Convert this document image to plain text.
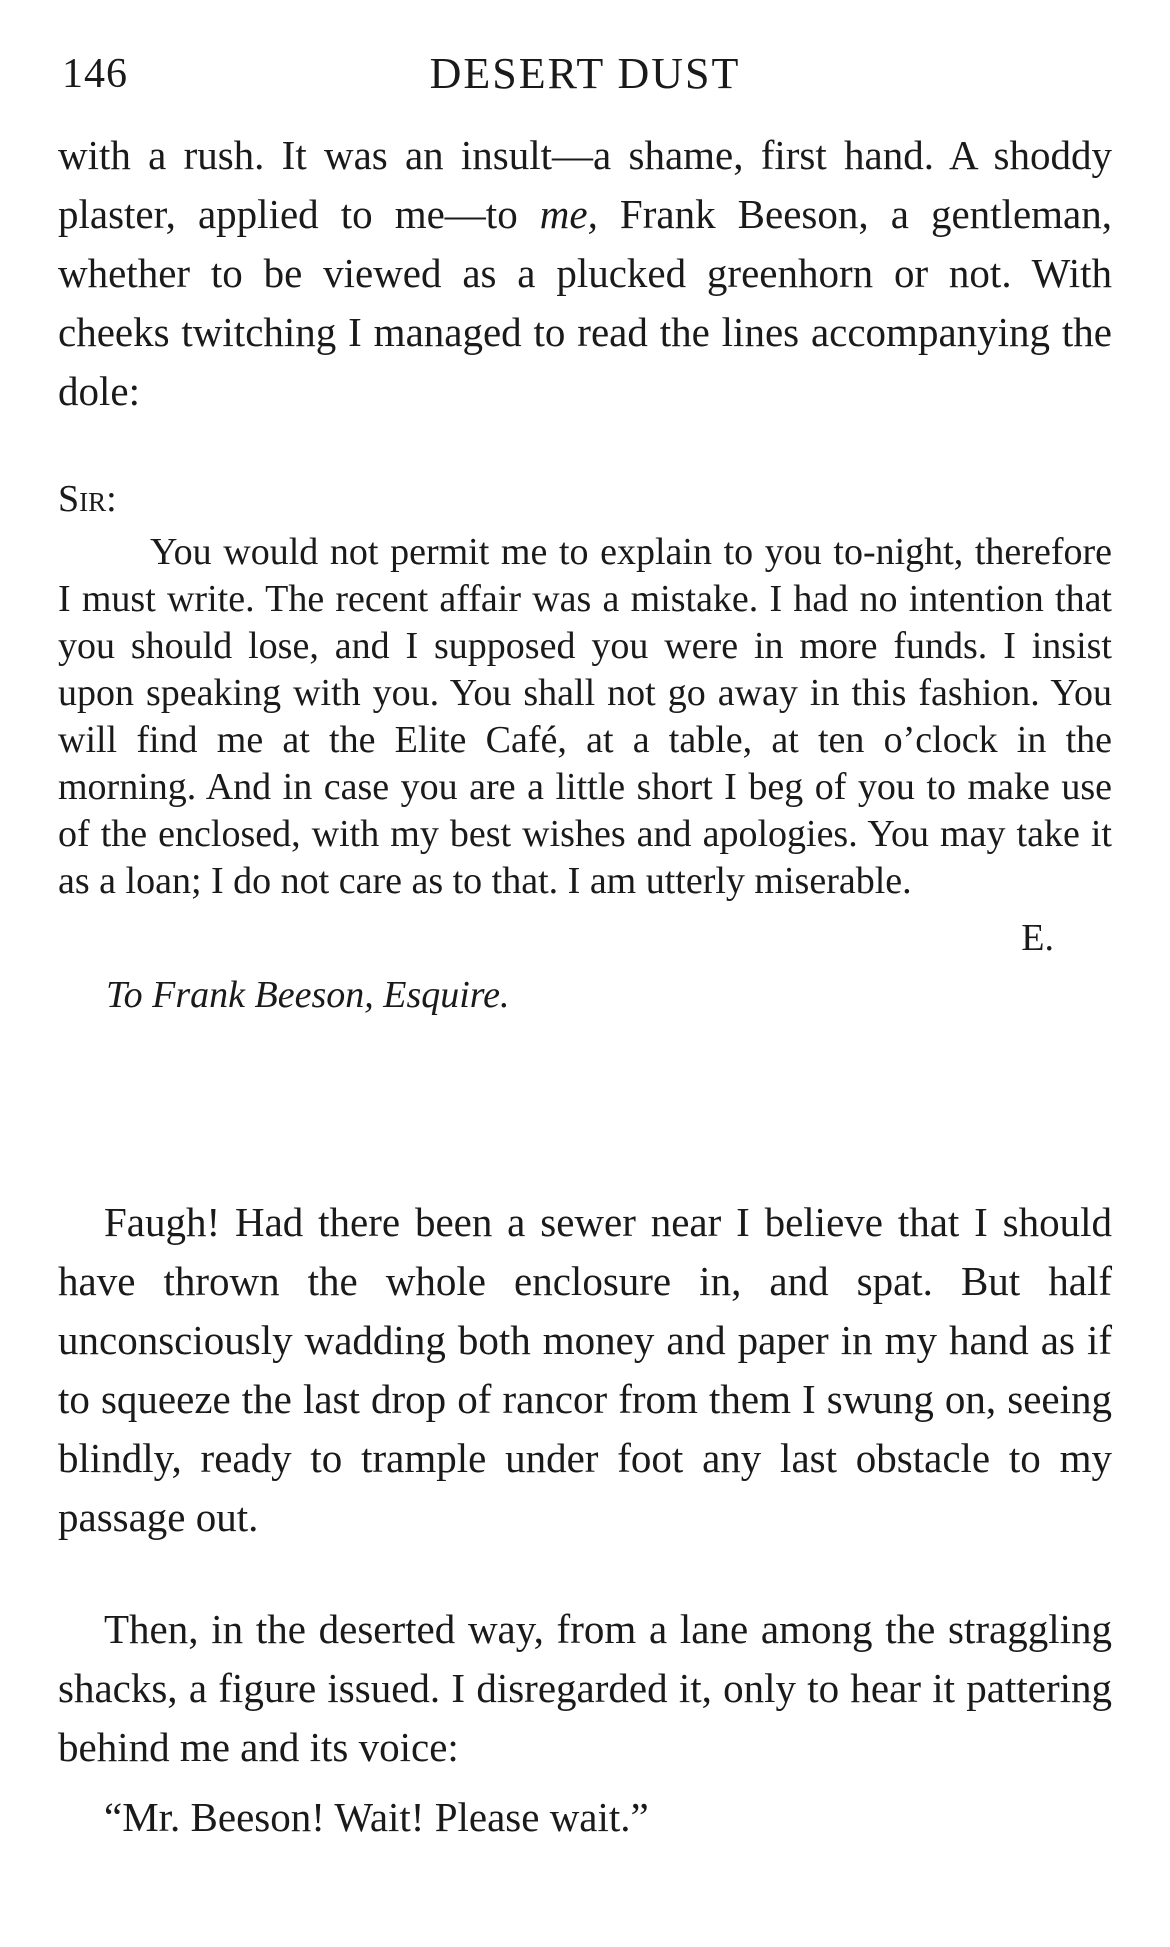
146	DESERT DUST

with a rush. It was an insult—a shame, first hand. A shoddy plaster, applied to me—to me, Frank Beeson, a gentleman, whether to be viewed as a plucked greenhorn or not. With cheeks twitching I managed to read the lines accompanying the dole:

Sir:

You would not permit me to explain to you to-night, therefore I must write. The recent affair was a mistake. I had no intention that you should lose, and I supposed you were in more funds. I insist upon speaking with you. You shall not go away in this fashion. You will find me at the Elite Café, at a table, at ten o’clock in the morning. And in case you are a little short I beg of you to make use of the enclosed, with my best wishes and apologies. You may take it as a loan; I do not care as to that. I am utterly miserable.

E.

To Frank Beeson, Esquire.

Faugh! Had there been a sewer near I believe that I should have thrown the whole enclosure in, and spat. But half unconsciously wadding both money and paper in my hand as if to squeeze the last drop of rancor from them I swung on, seeing blindly, ready to trample under foot any last obstacle to my passage out.

Then, in the deserted way, from a lane among the straggling shacks, a figure issued. I disregarded it, only to hear it pattering behind me and its voice:

“Mr. Beeson! Wait! Please wait.”
